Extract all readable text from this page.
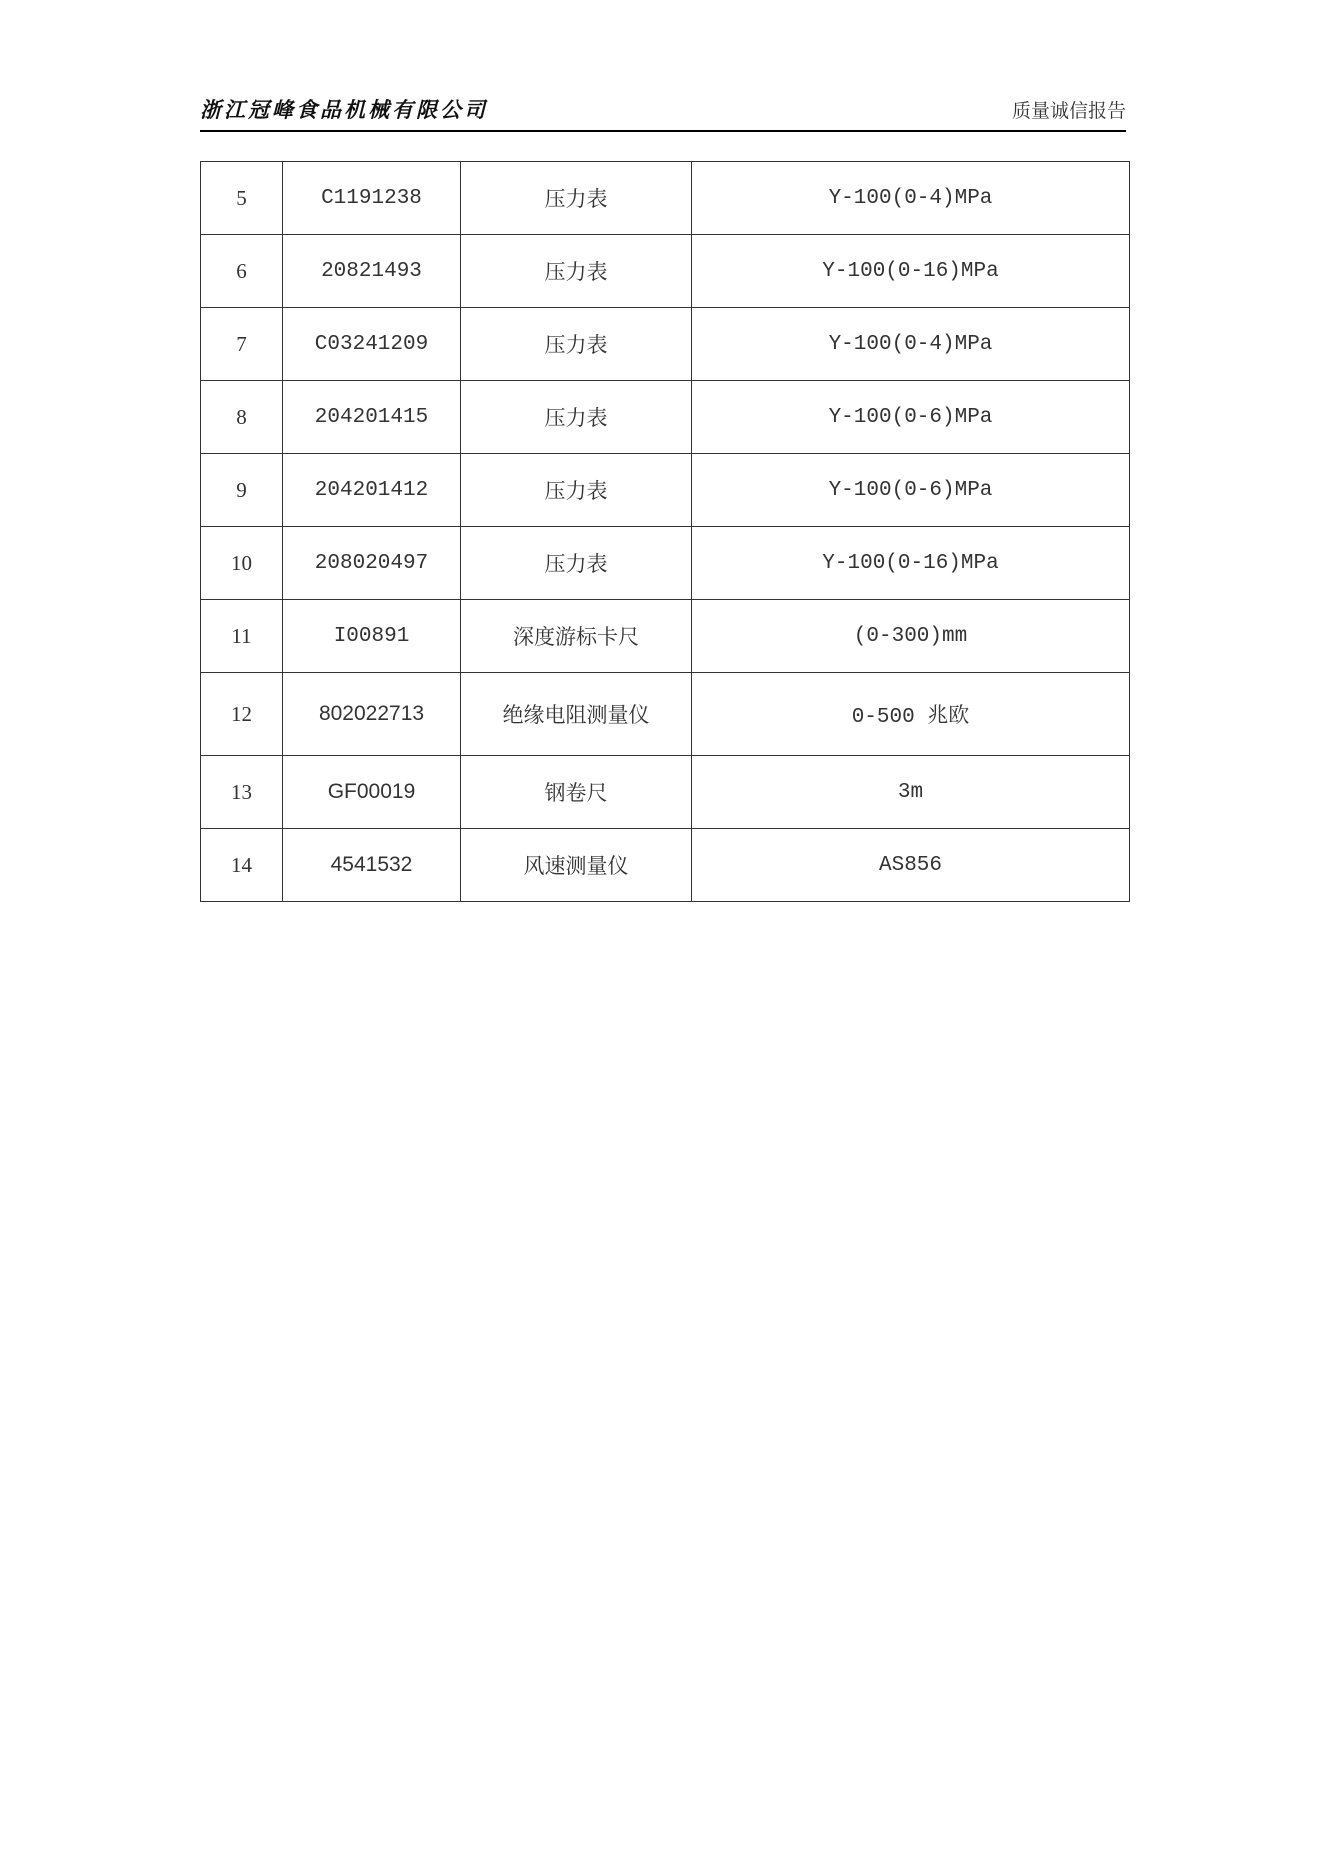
浙江冠峰食品机械有限公司	质量诚信报告
5	C1191238	压力表	Y-100(0-4)MPa
6	20821493	压力表	Y-100(0-16)MPa
7	C03241209	压力表	Y-100(0-4)MPa
8	204201415	压力表	Y-100(0-6)MPa
9	204201412	压力表	Y-100(0-6)MPa
10	208020497	压力表	Y-100(0-16)MPa
11	I00891	深度游标卡尺	(0-300)mm
12	802022713	绝缘电阻测量仪	0-500 兆欧
13	GF00019	钢卷尺	3m
14	4541532	风速测量仪	AS856
